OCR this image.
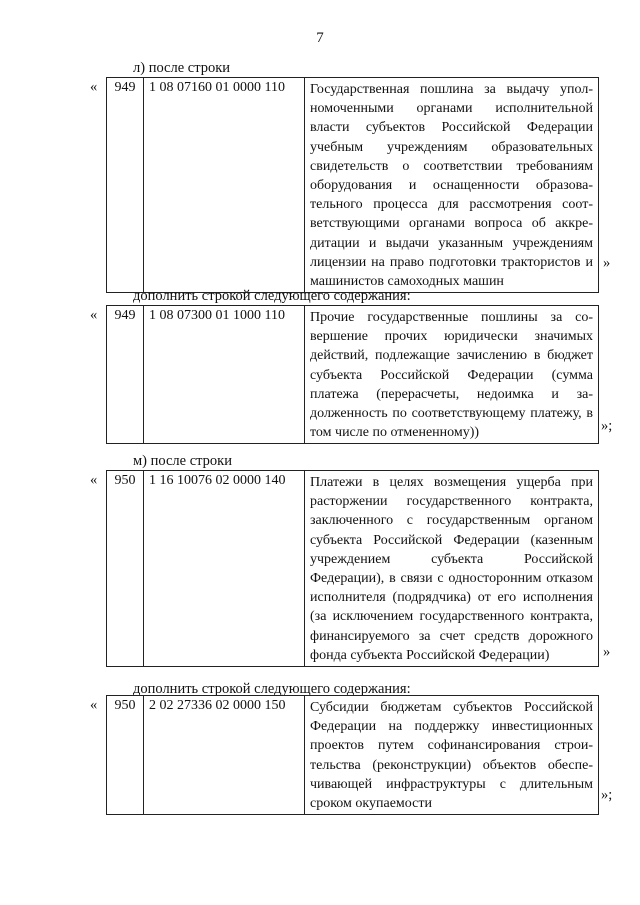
7
л) после строки
« 949	1 08 07160 01 0000 110	Государственная пошлина за выдачу уполномоченными органами исполнительной власти субъектов Российской Федерации учебным учреждениям образовательных свидетельств о соответствии требованиям оборудования и оснащенности образовательного процесса для рассмотрения соответствующими органами вопроса об аккредитации и выдачи указанным учреждениям лицензии на право подготовки трактористов и машинистов самоходных машин
»
дополнить строкой следующего содержания:
« 949	1 08 07300 01 1000 110	Прочие государственные пошлины за совершение прочих юридически значимых действий, подлежащие зачислению в бюджет субъекта Российской Федерации (сумма платежа (перерасчеты, недоимка и задолженность по соответствующему платежу, в том числе по отмененному))	»;
м) после строки
« 950	1 16 10076 02 0000 140	Платежи в целях возмещения ущерба при расторжении государственного контракта, заключенного с государственным органом субъекта Российской Федерации (казенным учреждением субъекта Российской Федерации), в связи с односторонним отказом исполнителя (подрядчика) от его исполнения (за исключением государственного контракта, финансируемого за счет средств дорожного фонда субъекта Российской Федерации)	»
дополнить строкой следующего содержания:
« 950	2 02 27336 02 0000 150	Субсидии бюджетам субъектов Российской Федерации на поддержку инвестиционных проектов путем софинансирования строительства (реконструкции) объектов обеспечивающей инфраструктуры с длительным сроком окупаемости
»;
